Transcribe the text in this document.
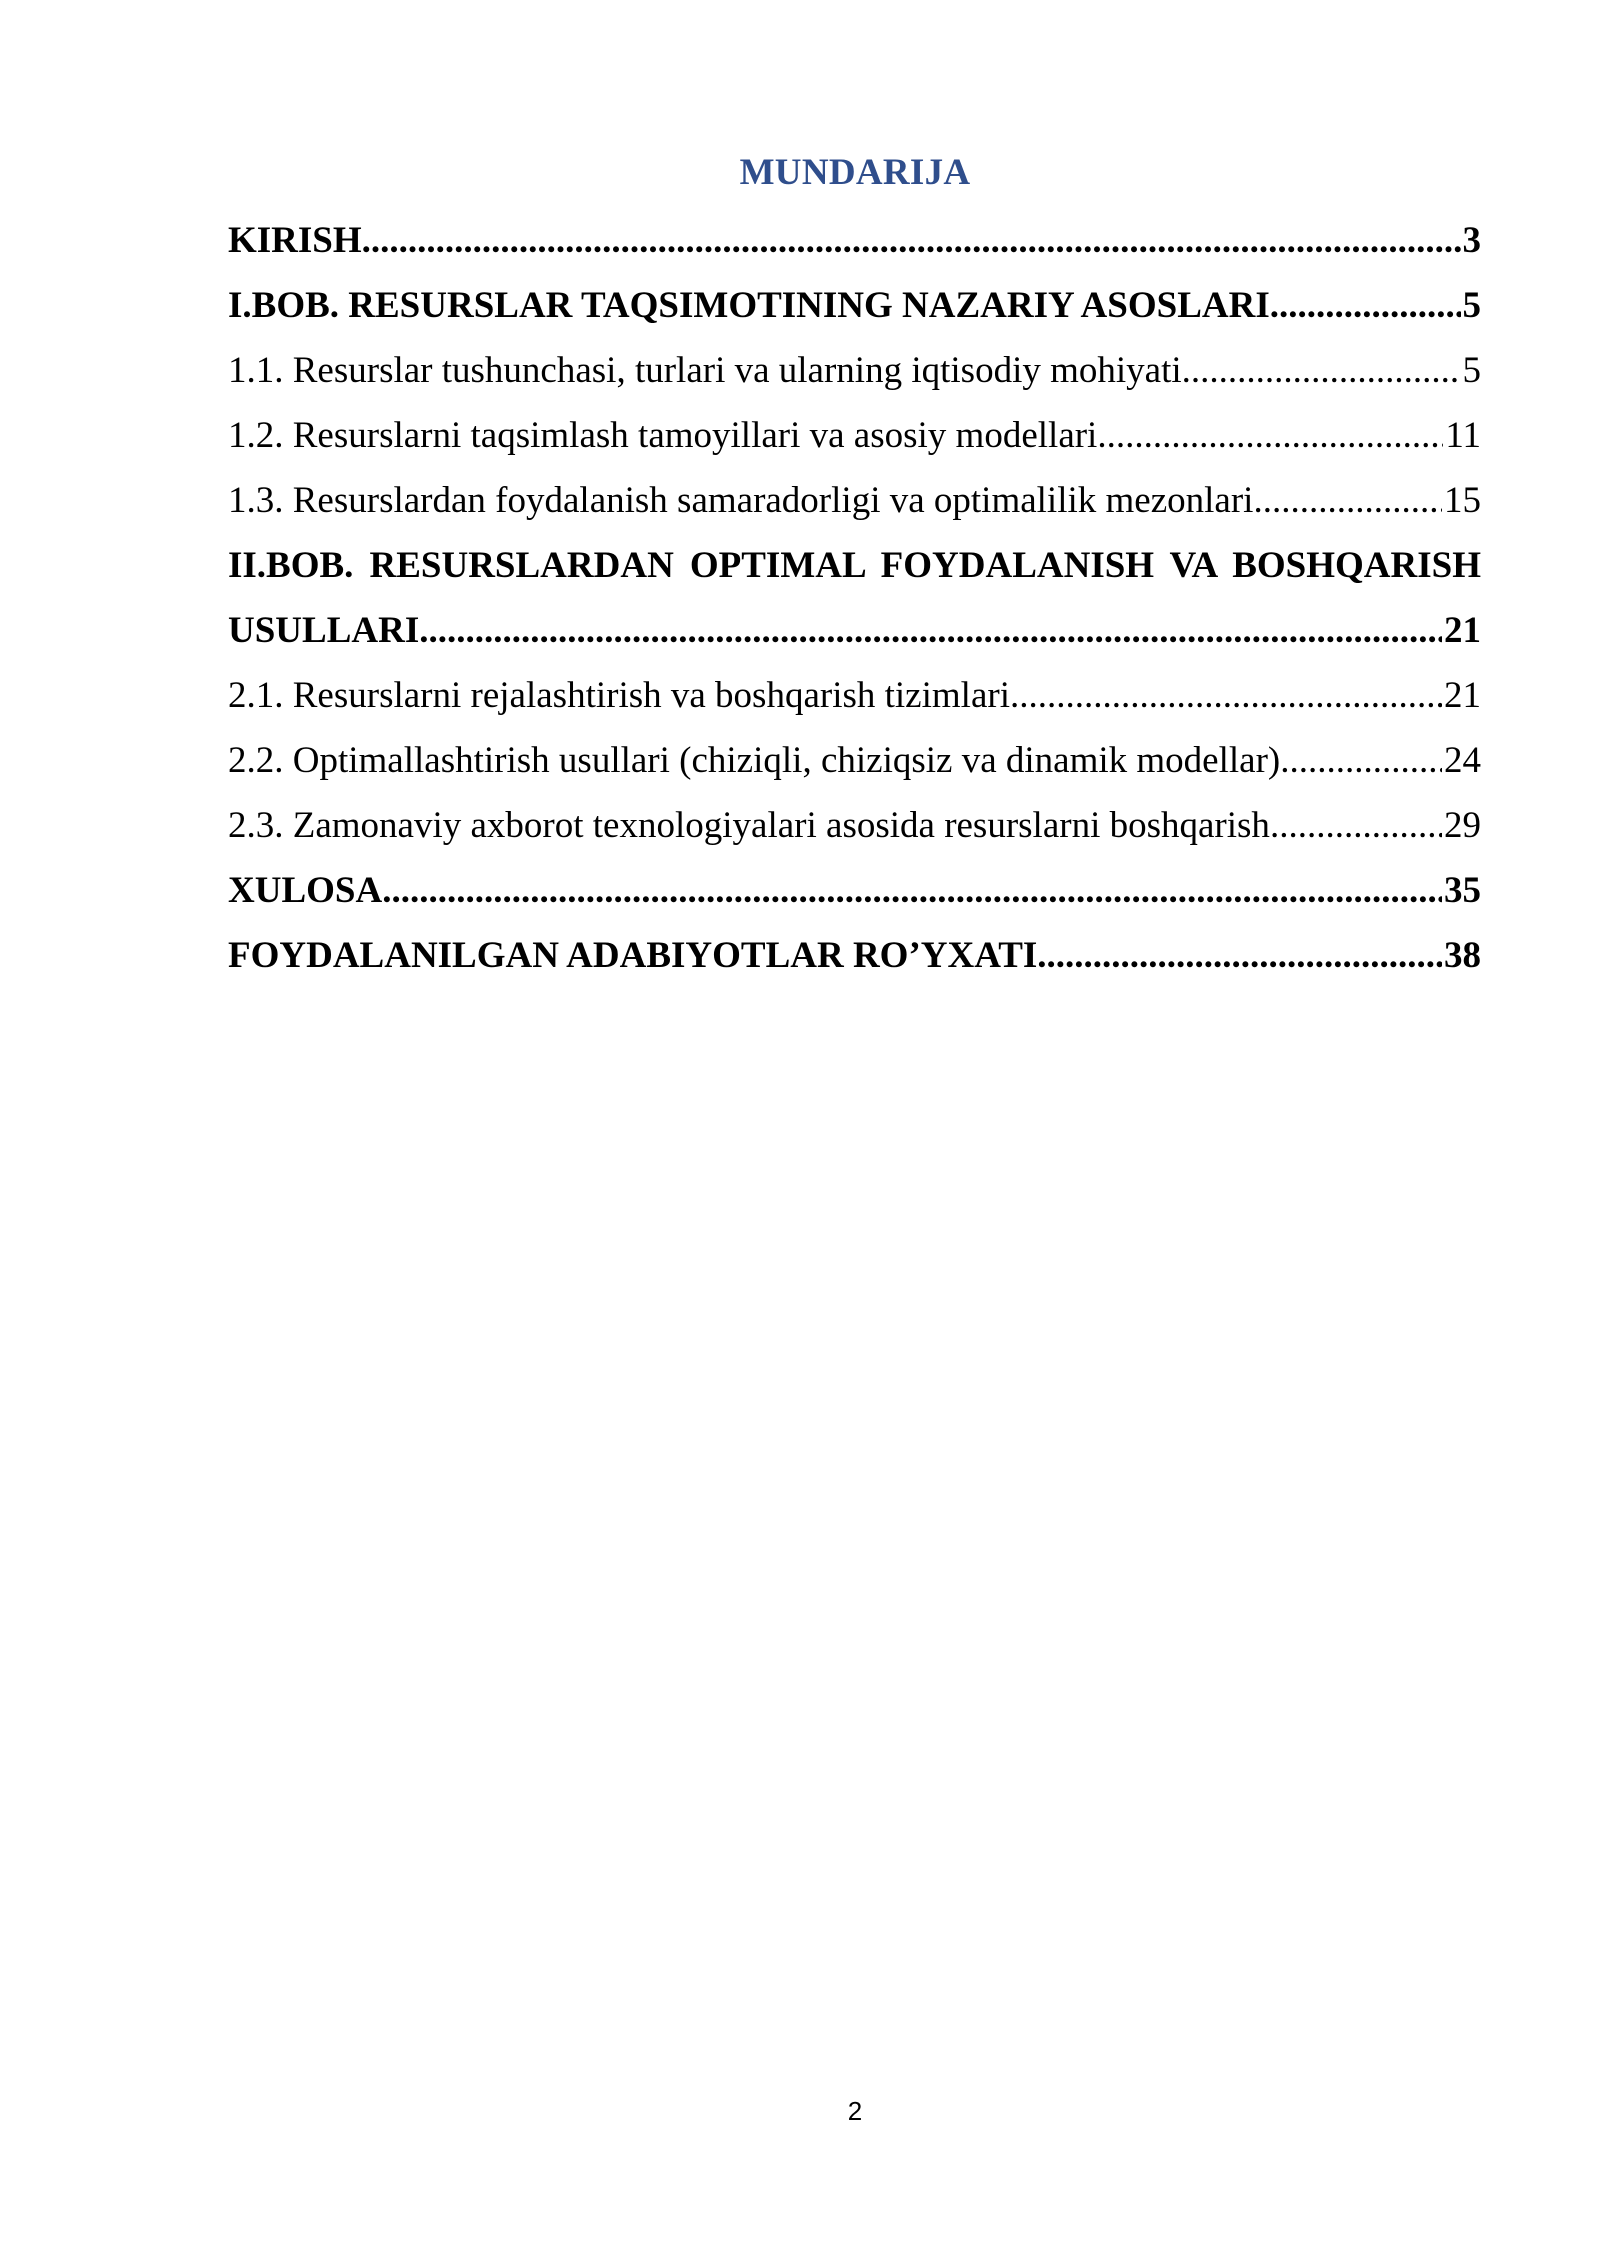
MUNDARIJA
KIRISH .....	3
I.BOB. RESURSLAR TAQSIMOTINING NAZARIY ASOSLARI .....	5
1.1. Resurslar tushunchasi, turlari va ularning iqtisodiy mohiyati .....	5
1.2. Resurslarni taqsimlash tamoyillari va asosiy modellari .....	11
1.3. Resurslardan foydalanish samaradorligi va optimalilik mezonlari .....	15
II.BOB. RESURSLARDAN OPTIMAL FOYDALANISH VA BOSHQARISH
USULLARI .....	21
2.1. Resurslarni rejalashtirish va boshqarish tizimlari .....	21
2.2. Optimallashtirish usullari (chiziqli, chiziqsiz va dinamik modellar) .....	24
2.3. Zamonaviy axborot texnologiyalari asosida resurslarni boshqarish .....	29
XULOSA .....	35
FOYDALANILGAN ADABIYOTLAR RO’YXATI .....	38
2
